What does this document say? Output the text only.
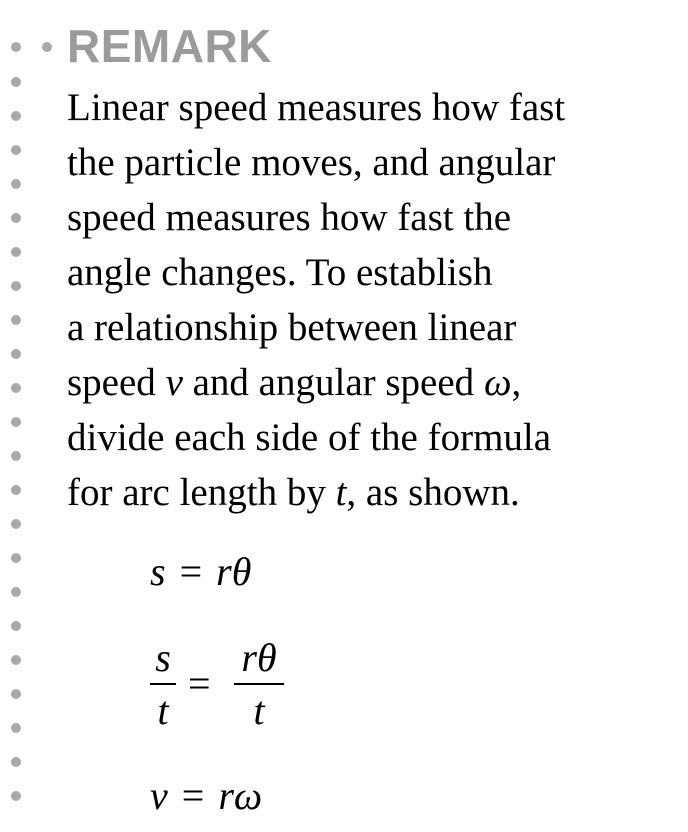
REMARK
Linear speed measures how fast
the particle moves, and angular
speed measures how fast the
angle changes. To establish
a relationship between linear
speed v and angular speed ω,
divide each side of the formula
for arc length by t, as shown.
s = rθ
s
t
=
rθ
t
v = rω
